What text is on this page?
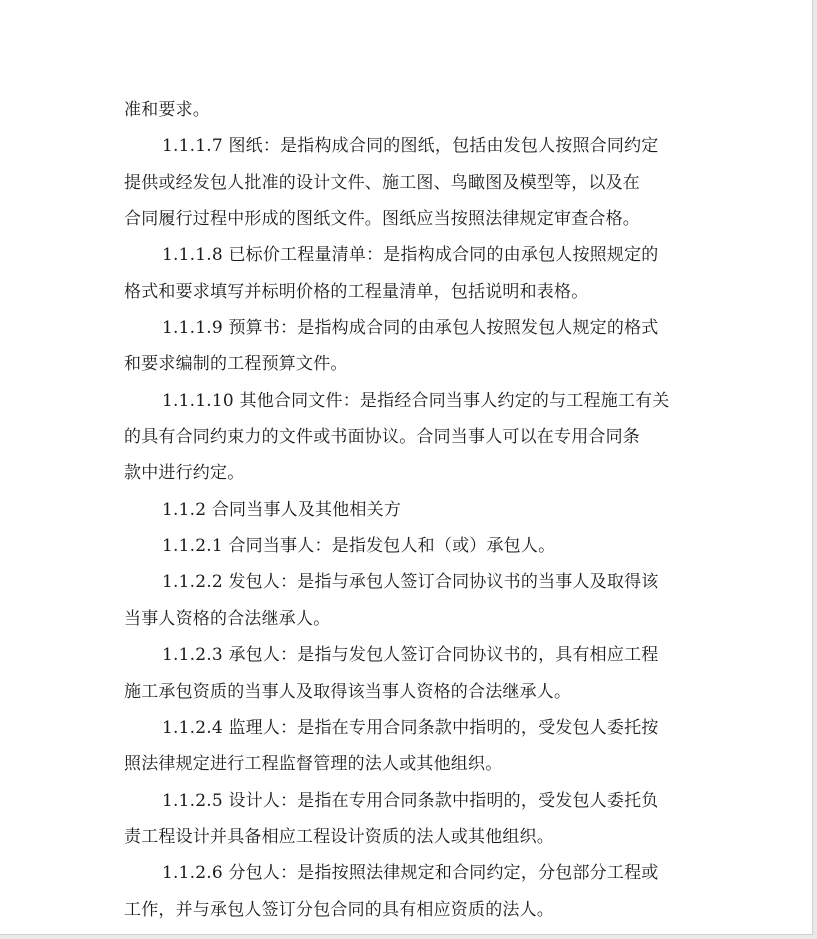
准和要求。
1.1.1.7 图纸：是指构成合同的图纸，包括由发包人按照合同约定
提供或经发包人批准的设计文件、施工图、鸟瞰图及模型等，以及在
合同履行过程中形成的图纸文件。图纸应当按照法律规定审查合格。
1.1.1.8 已标价工程量清单：是指构成合同的由承包人按照规定的
格式和要求填写并标明价格的工程量清单，包括说明和表格。
1.1.1.9 预算书：是指构成合同的由承包人按照发包人规定的格式
和要求编制的工程预算文件。
1.1.1.10 其他合同文件：是指经合同当事人约定的与工程施工有关
的具有合同约束力的文件或书面协议。合同当事人可以在专用合同条
款中进行约定。
1.1.2 合同当事人及其他相关方
1.1.2.1 合同当事人：是指发包人和（或）承包人。
1.1.2.2 发包人：是指与承包人签订合同协议书的当事人及取得该
当事人资格的合法继承人。
1.1.2.3 承包人：是指与发包人签订合同协议书的，具有相应工程
施工承包资质的当事人及取得该当事人资格的合法继承人。
1.1.2.4 监理人：是指在专用合同条款中指明的，受发包人委托按
照法律规定进行工程监督管理的法人或其他组织。
1.1.2.5 设计人：是指在专用合同条款中指明的，受发包人委托负
责工程设计并具备相应工程设计资质的法人或其他组织。
1.1.2.6 分包人：是指按照法律规定和合同约定，分包部分工程或
工作，并与承包人签订分包合同的具有相应资质的法人。
